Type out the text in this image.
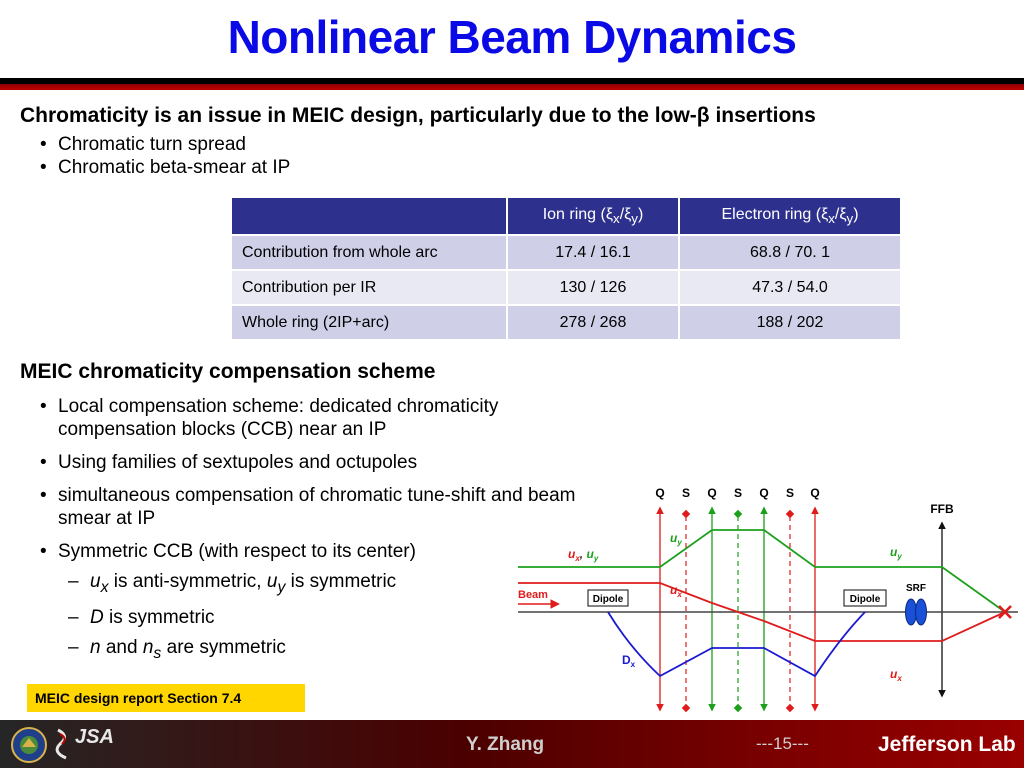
Nonlinear Beam Dynamics
Chromaticity is an issue in MEIC design, particularly due to the low-β insertions
• Chromatic turn spread
• Chromatic beta-smear at IP
	Ion ring $(\xi_x/\xi_y)$	Electron ring $(\xi_x/\xi_y)$
Contribution from whole arc	17.4 / 16.1	68.8 / 70. 1
Contribution per IR	130 / 126	47.3 / 54.0
Whole ring (2IP+arc)	278 / 268	188 / 202
MEIC chromaticity compensation scheme
• Local compensation scheme: dedicated chromaticity compensation blocks (CCB) near an IP
• Using families of sextupoles and octupoles
• simultaneous compensation of chromatic tune-shift and beam smear at IP
• Symmetric CCB (with respect to its center)
– $u_x$ is anti-symmetric, $u_y$ is symmetric
– D is symmetric
– n and $n_s$ are symmetric
MEIC design report Section 7.4
Q S Q S Q S Q
FFB
Beam	Dipole	Dipole
SRF
$u_x$, $u_y$
$u_y$
$u_x$
$u_y$
$u_x$
$D_x$
JSA	Y. Zhang	---15---	Jefferson Lab
